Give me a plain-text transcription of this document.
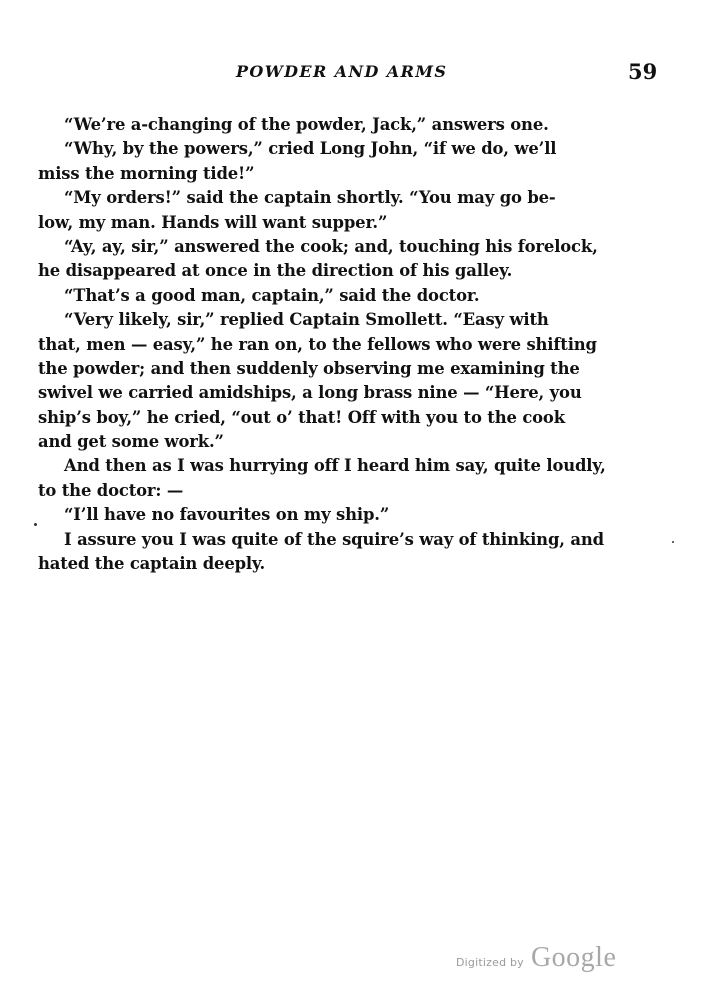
POWDER AND ARMS	59
“We’re a-changing of the powder, Jack,” answers one.
“Why, by the powers,” cried Long John, “if we do, we’ll
miss the morning tide!”
“My orders!” said the captain shortly. “You may go be-
low, my man. Hands will want supper.”
“Ay, ay, sir,” answered the cook; and, touching his forelock,
he disappeared at once in the direction of his galley.
“That’s a good man, captain,” said the doctor.
“Very likely, sir,” replied Captain Smollett. “Easy with
that, men — easy,” he ran on, to the fellows who were shifting
the powder; and then suddenly observing me examining the
swivel we carried amidships, a long brass nine — “Here, you
ship’s boy,” he cried, “out o’ that! Off with you to the cook
and get some work.”
And then as I was hurrying off I heard him say, quite loudly,
to the doctor: —
“I’ll have no favourites on my ship.”
I assure you I was quite of the squire’s way of thinking, and
hated the captain deeply.
Digitized by Google
